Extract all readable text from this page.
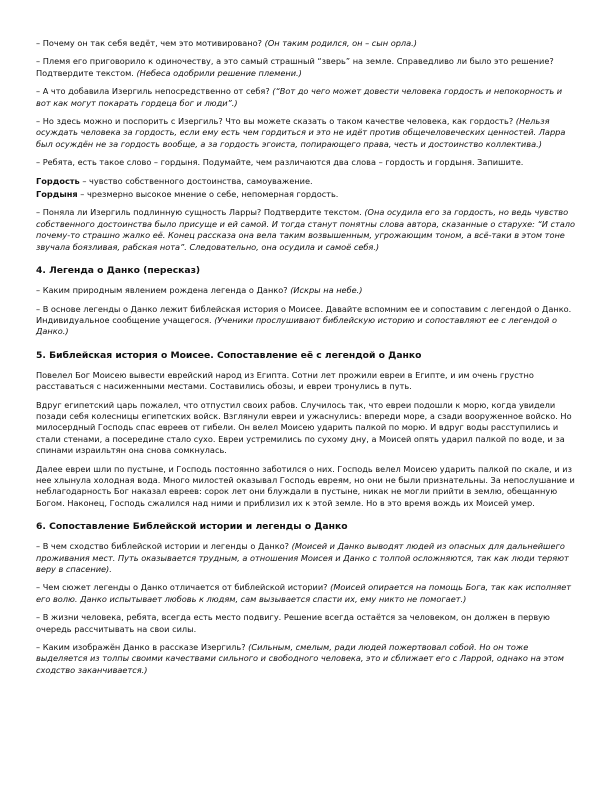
– Почему он так себя ведёт, чем это мотивировано? (Он таким родился, он – сын орла.)

– Племя его приговорило к одиночеству, а это самый страшный “зверь” на земле. Справедливо ли было это решение? Подтвердите текстом. (Небеса одобрили решение племени.)

– А что добавила Изергиль непосредственно от себя? (“Вот до чего может довести человека гордость и непокорность и вот как могут покарать гордеца бог и люди”.)

– Но здесь можно и поспорить с Изергиль? Что вы можете сказать о таком качестве человека, как гордость? (Нельзя осуждать человека за гордость, если ему есть чем гордиться и это не идёт против общечеловеческих ценностей. Ларра был осуждён не за гордость вообще, а за гордость эгоиста, попирающего права, честь и достоинство коллектива.)

– Ребята, есть такое слово – гордыня. Подумайте, чем различаются два слова – гордость и гордыня. Запишите.

Гордость – чувство собственного достоинства, самоуважение.

Гордыня – чрезмерно высокое мнение о себе, непомерная гордость.

– Поняла ли Изергиль подлинную сущность Ларры? Подтвердите текстом. (Она осудила его за гордость, но ведь чувство собственного достоинства было присуще и ей самой. И тогда станут понятны слова автора, сказанные о старухе: “И стало почему-то страшно жалко её. Конец рассказа она вела таким возвышенным, угрожающим тоном, а всё-таки в этом тоне звучала боязливая, рабская нота”. Следовательно, она осудила и самоё себя.)

4. Легенда о Данко (пересказ)

– Каким природным явлением рождена легенда о Данко? (Искры на небе.)

– В основе легенды о Данко лежит библейская история о Моисее. Давайте вспомним ее и сопоставим с легендой о Данко. Индивидуальное сообщение учащегося. (Ученики прослушивают библейскую историю и сопоставляют ее с легендой о Данко.)

5. Библейская история о Моисее. Сопоставление её с легендой о Данко

Повелел Бог Моисею вывести еврейский народ из Египта. Сотни лет прожили евреи в Египте, и им очень грустно расставаться с насиженными местами. Составились обозы, и евреи тронулись в путь.

Вдруг египетский царь пожалел, что отпустил своих рабов. Случилось так, что евреи подошли к морю, когда увидели позади себя колесницы египетских войск. Взглянули евреи и ужаснулись: впереди море, а сзади вооруженное войско. Но милосердный Господь спас евреев от гибели. Он велел Моисею ударить палкой по морю. И вдруг воды расступились и стали стенами, а посередине стало сухо. Евреи устремились по сухому дну, а Моисей опять ударил палкой по воде, и за спинами израильтян она снова сомкнулась.

Далее евреи шли по пустыне, и Господь постоянно заботился о них. Господь велел Моисею ударить палкой по скале, и из нее хлынула холодная вода. Много милостей оказывал Господь евреям, но они не были признательны. За непослушание и неблагодарность Бог наказал евреев: сорок лет они блуждали в пустыне, никак не могли прийти в землю, обещанную Богом. Наконец, Господь сжалился над ними и приблизил их к этой земле. Но в это время вождь их Моисей умер.

6. Сопоставление Библейской истории и легенды о Данко

– В чем сходство библейской истории и легенды о Данко? (Моисей и Данко выводят людей из опасных для дальнейшего проживания мест. Путь оказывается трудным, а отношения Моисея и Данко с толпой осложняются, так как люди теряют веру в спасение).

– Чем сюжет легенды о Данко отличается от библейской истории? (Моисей опирается на помощь Бога, так как исполняет его волю. Данко испытывает любовь к людям, сам вызывается спасти их, ему никто не помогает.)

– В жизни человека, ребята, всегда есть место подвигу. Решение всегда остаётся за человеком, он должен в первую очередь рассчитывать на свои силы.

– Каким изображён Данко в рассказе Изергиль? (Сильным, смелым, ради людей пожертвовал собой. Но он тоже выделяется из толпы своими качествами сильного и свободного человека, это и сближает его с Ларрой, однако на этом сходство заканчивается.)
